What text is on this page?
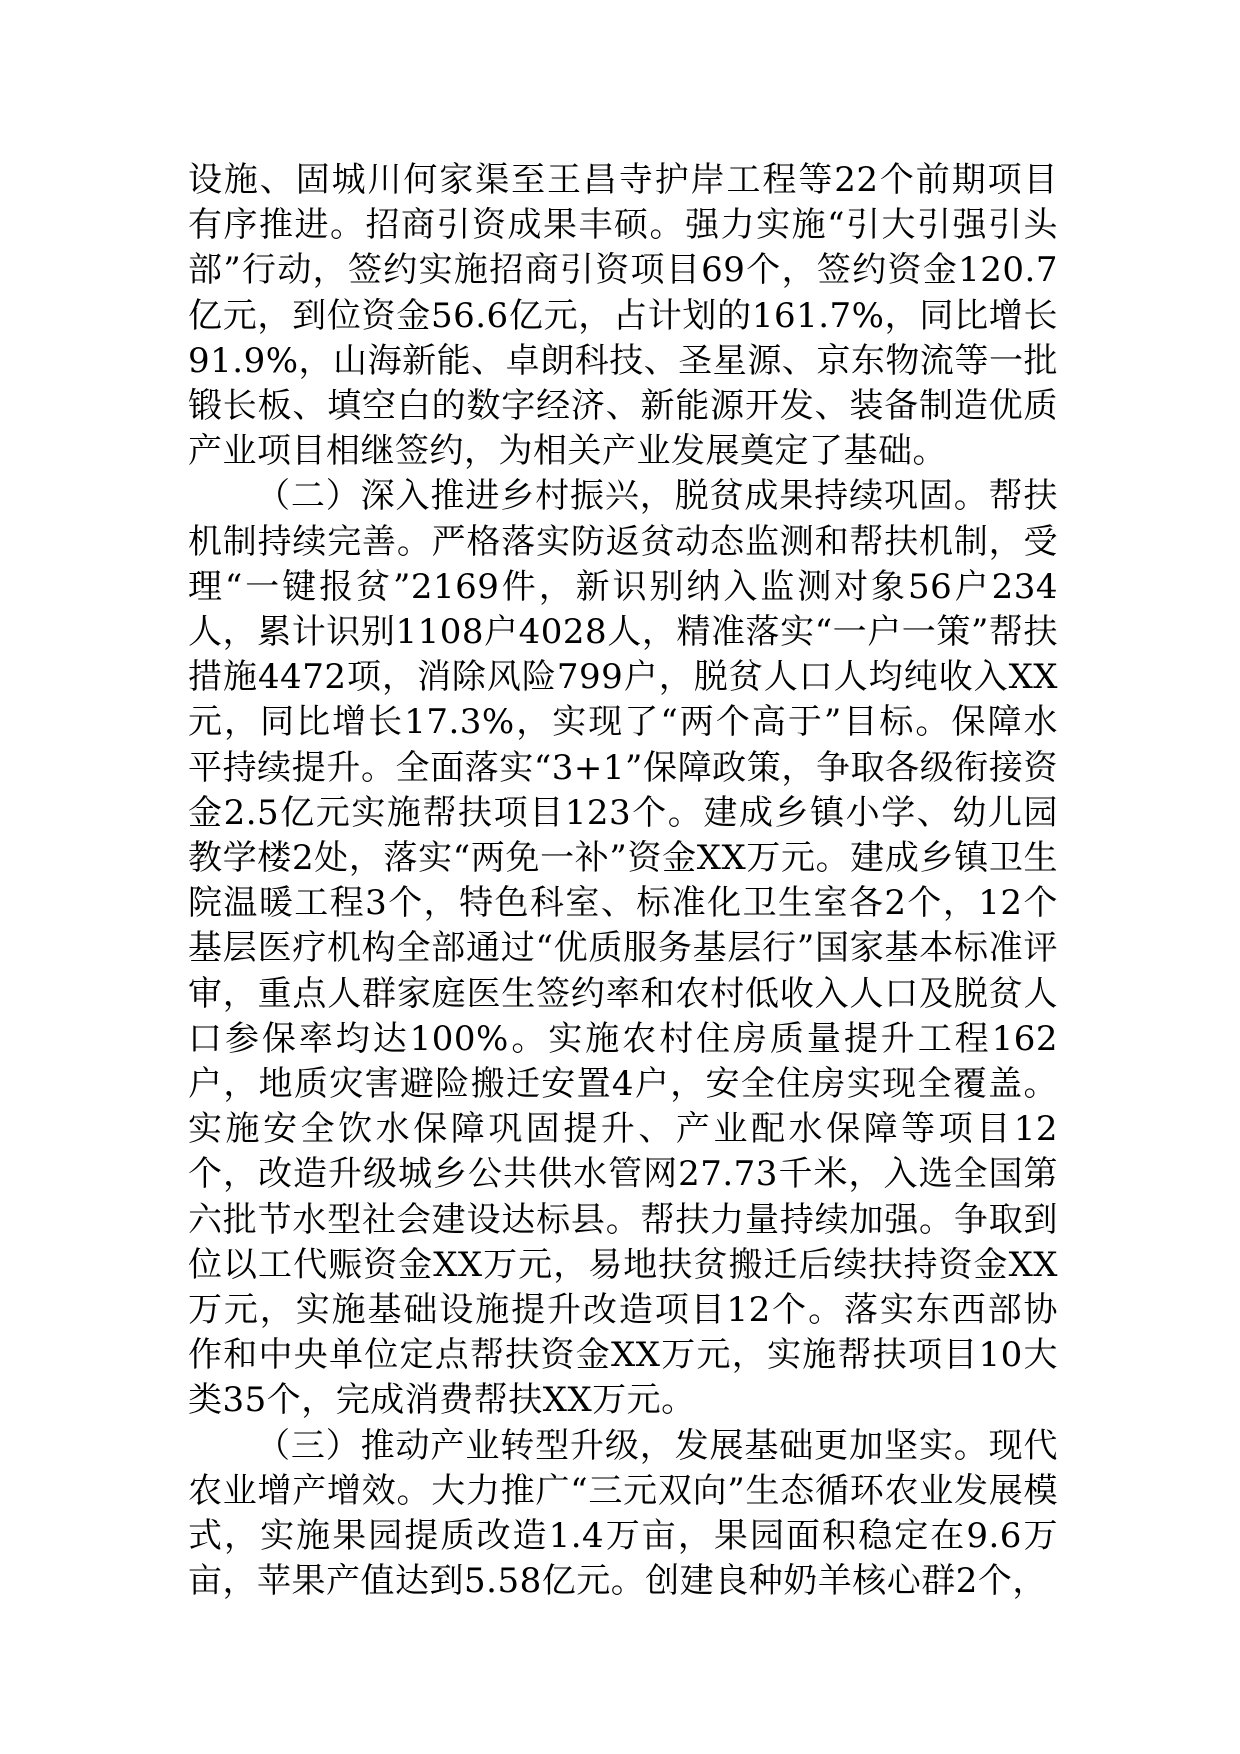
设施、固城川何家渠至王昌寺护岸工程等22个前期项目有序推进。招商引资成果丰硕。强力实施“引大引强引头部”行动，签约实施招商引资项目69个，签约资金120.7亿元，到位资金56.6亿元，占计划的161.7%，同比增长91.9%，山海新能、卓朗科技、圣星源、京东物流等一批锻长板、填空白的数字经济、新能源开发、装备制造优质产业项目相继签约，为相关产业发展奠定了基础。

（二）深入推进乡村振兴，脱贫成果持续巩固。帮扶机制持续完善。严格落实防返贫动态监测和帮扶机制，受理“一键报贫”2169件，新识别纳入监测对象56户234人，累计识别1108户4028人，精准落实“一户一策”帮扶措施4472项，消除风险799户，脱贫人口人均纯收入XX元，同比增长17.3%，实现了“两个高于”目标。保障水平持续提升。全面落实“3+1”保障政策，争取各级衔接资金2.5亿元实施帮扶项目123个。建成乡镇小学、幼儿园教学楼2处，落实“两免一补”资金XX万元。建成乡镇卫生院温暖工程3个，特色科室、标准化卫生室各2个，12个基层医疗机构全部通过“优质服务基层行”国家基本标准评审，重点人群家庭医生签约率和农村低收入人口及脱贫人口参保率均达100%。实施农村住房质量提升工程162户，地质灾害避险搬迁安置4户，安全住房实现全覆盖。实施安全饮水保障巩固提升、产业配水保障等项目12个，改造升级城乡公共供水管网27.73千米，入选全国第六批节水型社会建设达标县。帮扶力量持续加强。争取到位以工代赈资金XX万元，易地扶贫搬迁后续扶持资金XX万元，实施基础设施提升改造项目12个。落实东西部协作和中央单位定点帮扶资金XX万元，实施帮扶项目10大类35个，完成消费帮扶XX万元。

（三）推动产业转型升级，发展基础更加坚实。现代农业增产增效。大力推广“三元双向”生态循环农业发展模式，实施果园提质改造1.4万亩，果园面积稳定在9.6万亩，苹果产值达到5.58亿元。创建良种奶羊核心群2个，
